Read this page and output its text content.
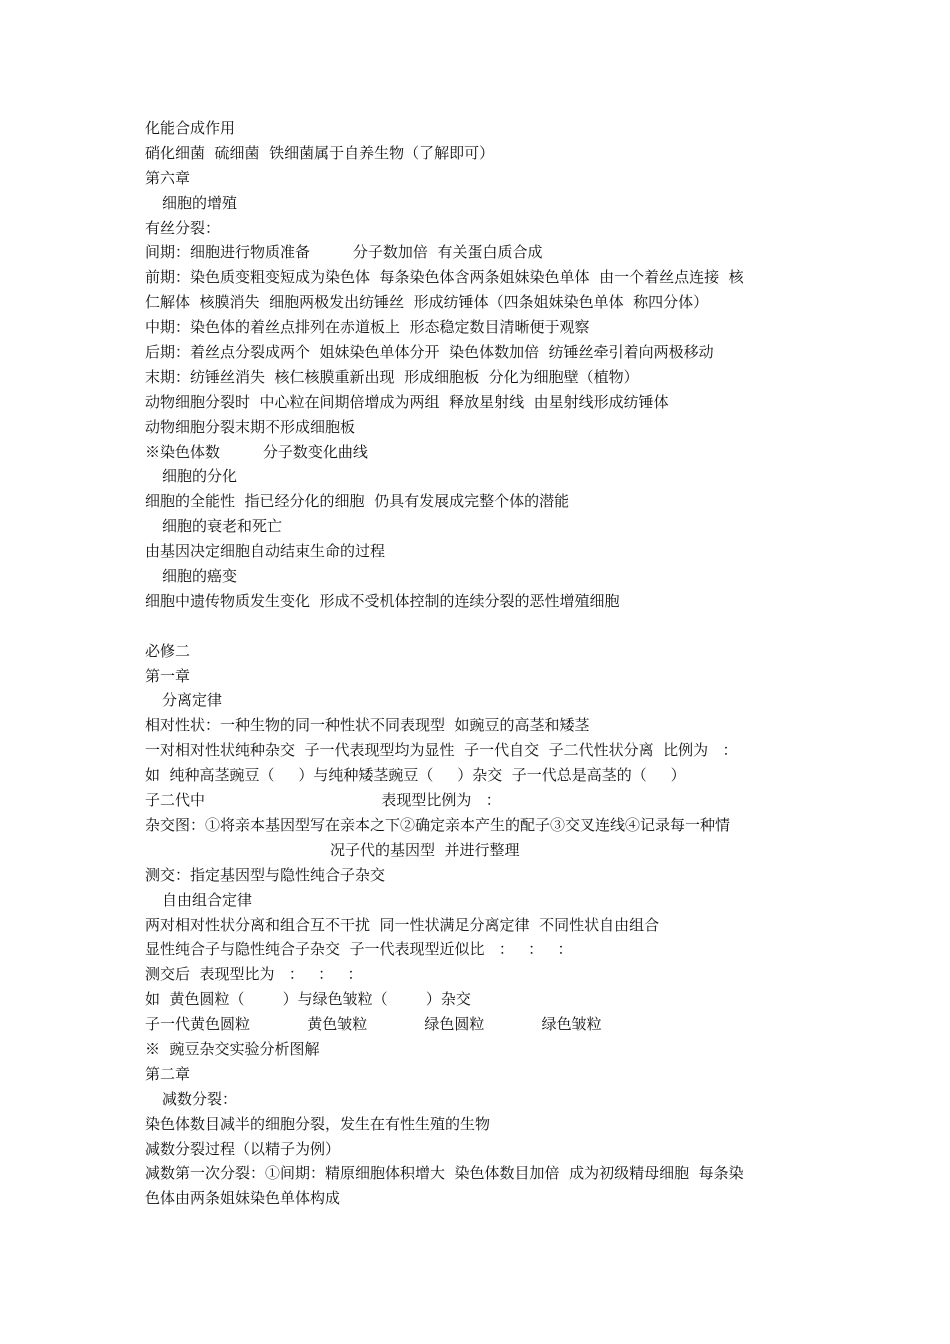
化能合成作用
硝化细菌  硫细菌  铁细菌属于自养生物（了解即可）
第六章
细胞的增殖
有丝分裂：
间期：细胞进行物质准备         分子数加倍  有关蛋白质合成
前期：染色质变粗变短成为染色体  每条染色体含两条姐妹染色单体  由一个着丝点连接  核
仁解体  核膜消失  细胞两极发出纺锤丝  形成纺锤体（四条姐妹染色单体  称四分体）
中期：染色体的着丝点排列在赤道板上  形态稳定数目清晰便于观察
后期：着丝点分裂成两个  姐妹染色单体分开  染色体数加倍  纺锤丝牵引着向两极移动
末期：纺锤丝消失  核仁核膜重新出现  形成细胞板  分化为细胞壁（植物）
动物细胞分裂时  中心粒在间期倍增成为两组  释放星射线  由星射线形成纺锤体
动物细胞分裂末期不形成细胞板
※染色体数         分子数变化曲线
细胞的分化
细胞的全能性  指已经分化的细胞  仍具有发展成完整个体的潜能
细胞的衰老和死亡
由基因决定细胞自动结束生命的过程
细胞的癌变
细胞中遗传物质发生变化  形成不受机体控制的连续分裂的恶性增殖细胞
必修二
第一章
分离定律
相对性状：一种生物的同一种性状不同表现型  如豌豆的高茎和矮茎
一对相对性状纯种杂交  子一代表现型均为显性  子一代自交  子二代性状分离  比例为   ：
如  纯种高茎豌豆（     ）与纯种矮茎豌豆（     ）杂交  子一代总是高茎的（     ）
子二代中                                     表现型比例为   ：
杂交图：①将亲本基因型写在亲本之下②确定亲本产生的配子③交叉连线④记录每一种情
况子代的基因型  并进行整理
测交：指定基因型与隐性纯合子杂交
自由组合定律
两对相对性状分离和组合互不干扰  同一性状满足分离定律  不同性状自由组合
显性纯合子与隐性纯合子杂交  子一代表现型近似比   ：   ：   ：
测交后  表现型比为   ：   ：   ：
如  黄色圆粒（        ）与绿色皱粒（        ）杂交
子一代黄色圆粒            黄色皱粒            绿色圆粒            绿色皱粒
※  豌豆杂交实验分析图解
第二章
减数分裂：
染色体数目减半的细胞分裂，发生在有性生殖的生物
减数分裂过程（以精子为例）
减数第一次分裂：①间期：精原细胞体积增大  染色体数目加倍  成为初级精母细胞  每条染
色体由两条姐妹染色单体构成
